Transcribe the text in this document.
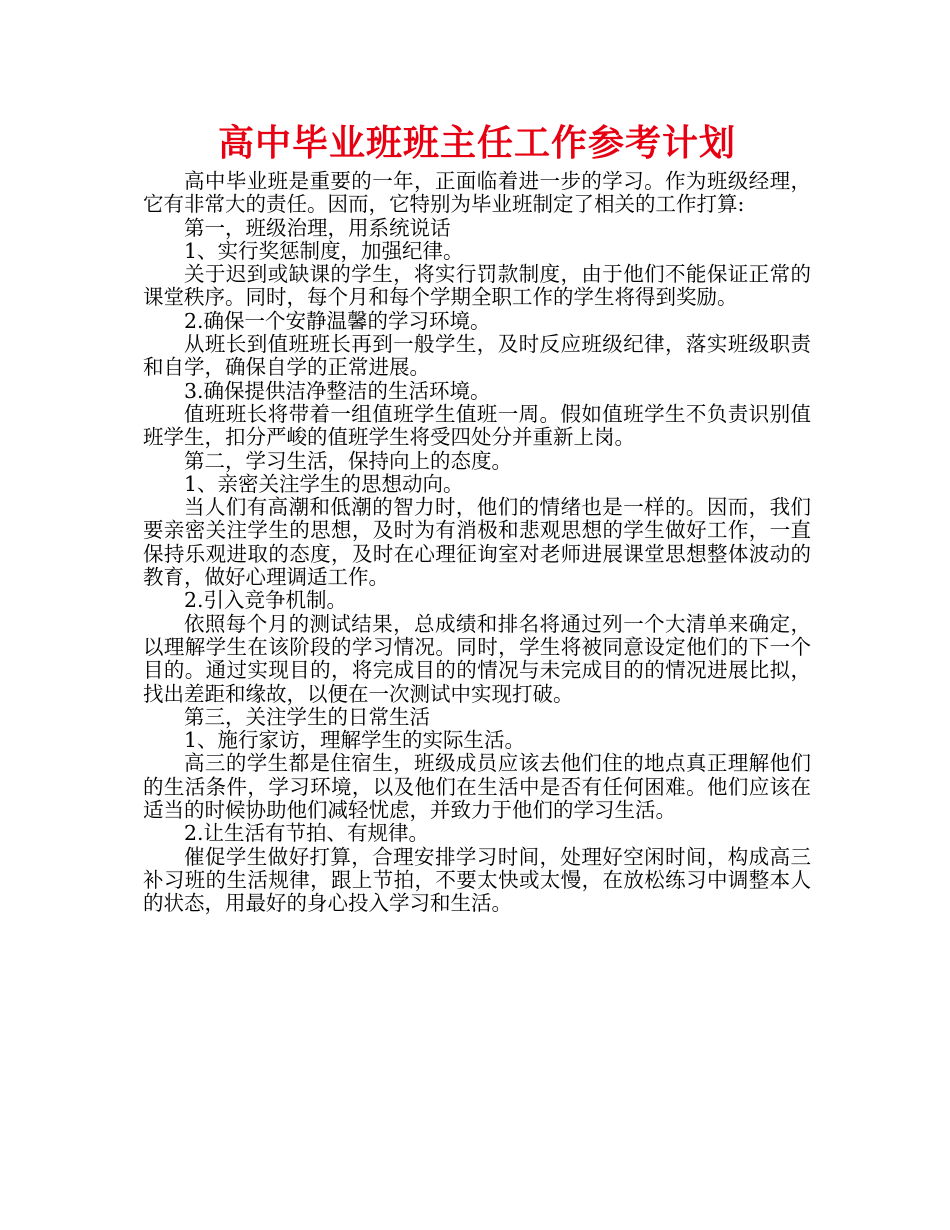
高中毕业班班主任工作参考计划

高中毕业班是重要的一年，正面临着进一步的学习。作为班级经理，它有非常大的责任。因而，它特别为毕业班制定了相关的工作打算:

第一，班级治理，用系统说话

1、实行奖惩制度，加强纪律。

关于迟到或缺课的学生，将实行罚款制度，由于他们不能保证正常的课堂秩序。同时，每个月和每个学期全职工作的学生将得到奖励。

2.确保一个安静温馨的学习环境。

从班长到值班班长再到一般学生，及时反应班级纪律，落实班级职责和自学，确保自学的正常进展。

3.确保提供洁净整洁的生活环境。

值班班长将带着一组值班学生值班一周。假如值班学生不负责识别值班学生，扣分严峻的值班学生将受四处分并重新上岗。

第二，学习生活，保持向上的态度。

1、亲密关注学生的思想动向。

当人们有高潮和低潮的智力时，他们的情绪也是一样的。因而，我们要亲密关注学生的思想，及时为有消极和悲观思想的学生做好工作，一直保持乐观进取的态度，及时在心理征询室对老师进展课堂思想整体波动的教育，做好心理调适工作。

2.引入竞争机制。

依照每个月的测试结果，总成绩和排名将通过列一个大清单来确定，以理解学生在该阶段的学习情况。同时，学生将被同意设定他们的下一个目的。通过实现目的，将完成目的的情况与未完成目的的情况进展比拟，找出差距和缘故，以便在一次测试中实现打破。

第三，关注学生的日常生活

1、施行家访，理解学生的实际生活。

高三的学生都是住宿生，班级成员应该去他们住的地点真正理解他们的生活条件，学习环境，以及他们在生活中是否有任何困难。他们应该在适当的时候协助他们减轻忧虑，并致力于他们的学习生活。

2.让生活有节拍、有规律。

催促学生做好打算，合理安排学习时间，处理好空闲时间，构成高三补习班的生活规律，跟上节拍，不要太快或太慢，在放松练习中调整本人的状态，用最好的身心投入学习和生活。
